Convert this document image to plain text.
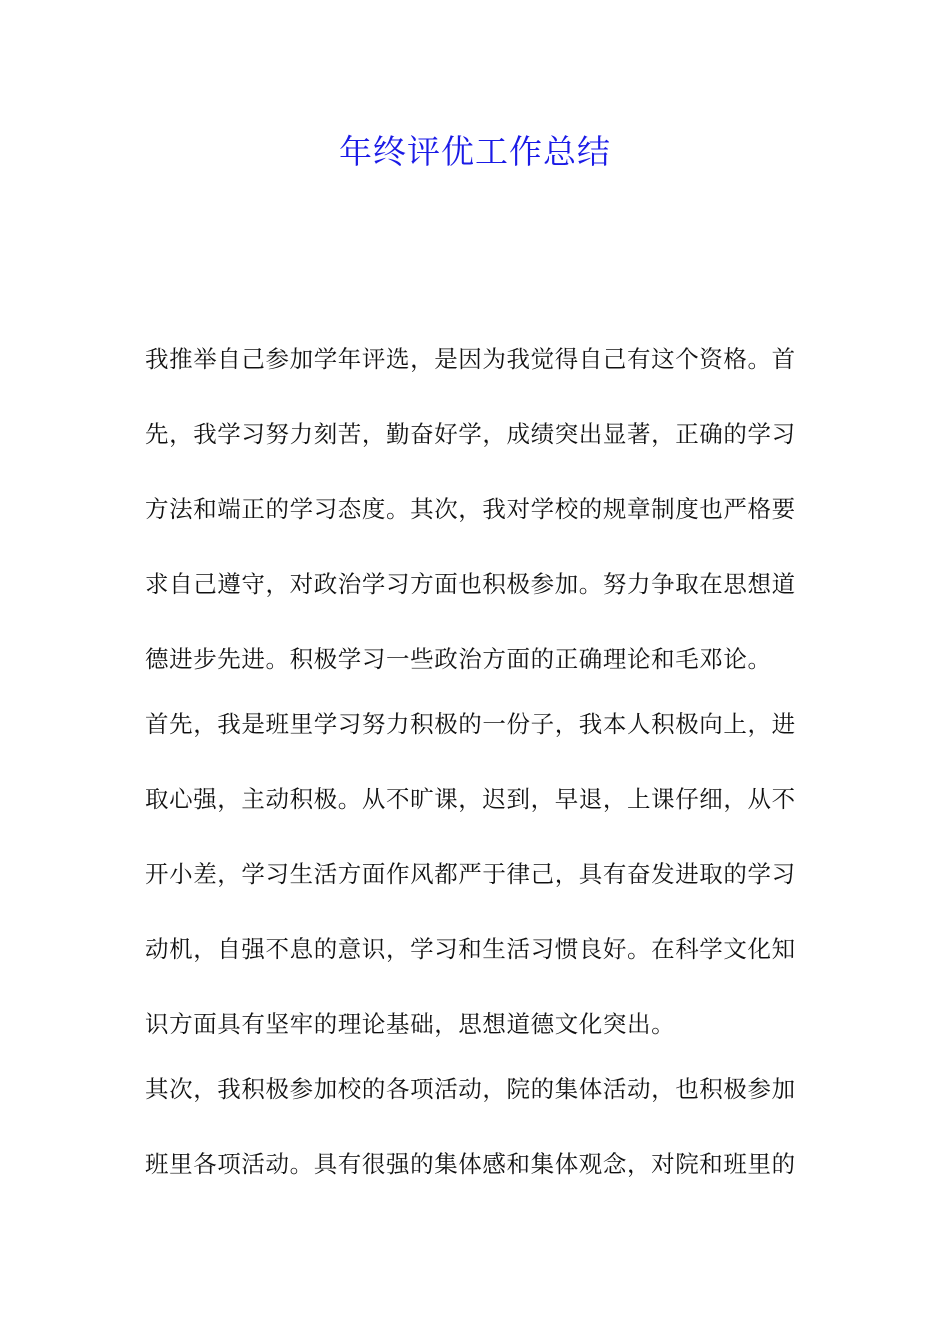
年终评优工作总结
我推举自己参加学年评选，是因为我觉得自己有这个资格。首
先，我学习努力刻苦，勤奋好学，成绩突出显著，正确的学习
方法和端正的学习态度。其次，我对学校的规章制度也严格要
求自己遵守，对政治学习方面也积极参加。努力争取在思想道
德进步先进。积极学习一些政治方面的正确理论和毛邓论。
首先，我是班里学习努力积极的一份子，我本人积极向上，进
取心强，主动积极。从不旷课，迟到，早退，上课仔细，从不
开小差，学习生活方面作风都严于律己，具有奋发进取的学习
动机，自强不息的意识，学习和生活习惯良好。在科学文化知
识方面具有坚牢的理论基础，思想道德文化突出。
其次，我积极参加校的各项活动，院的集体活动，也积极参加
班里各项活动。具有很强的集体感和集体观念，对院和班里的
